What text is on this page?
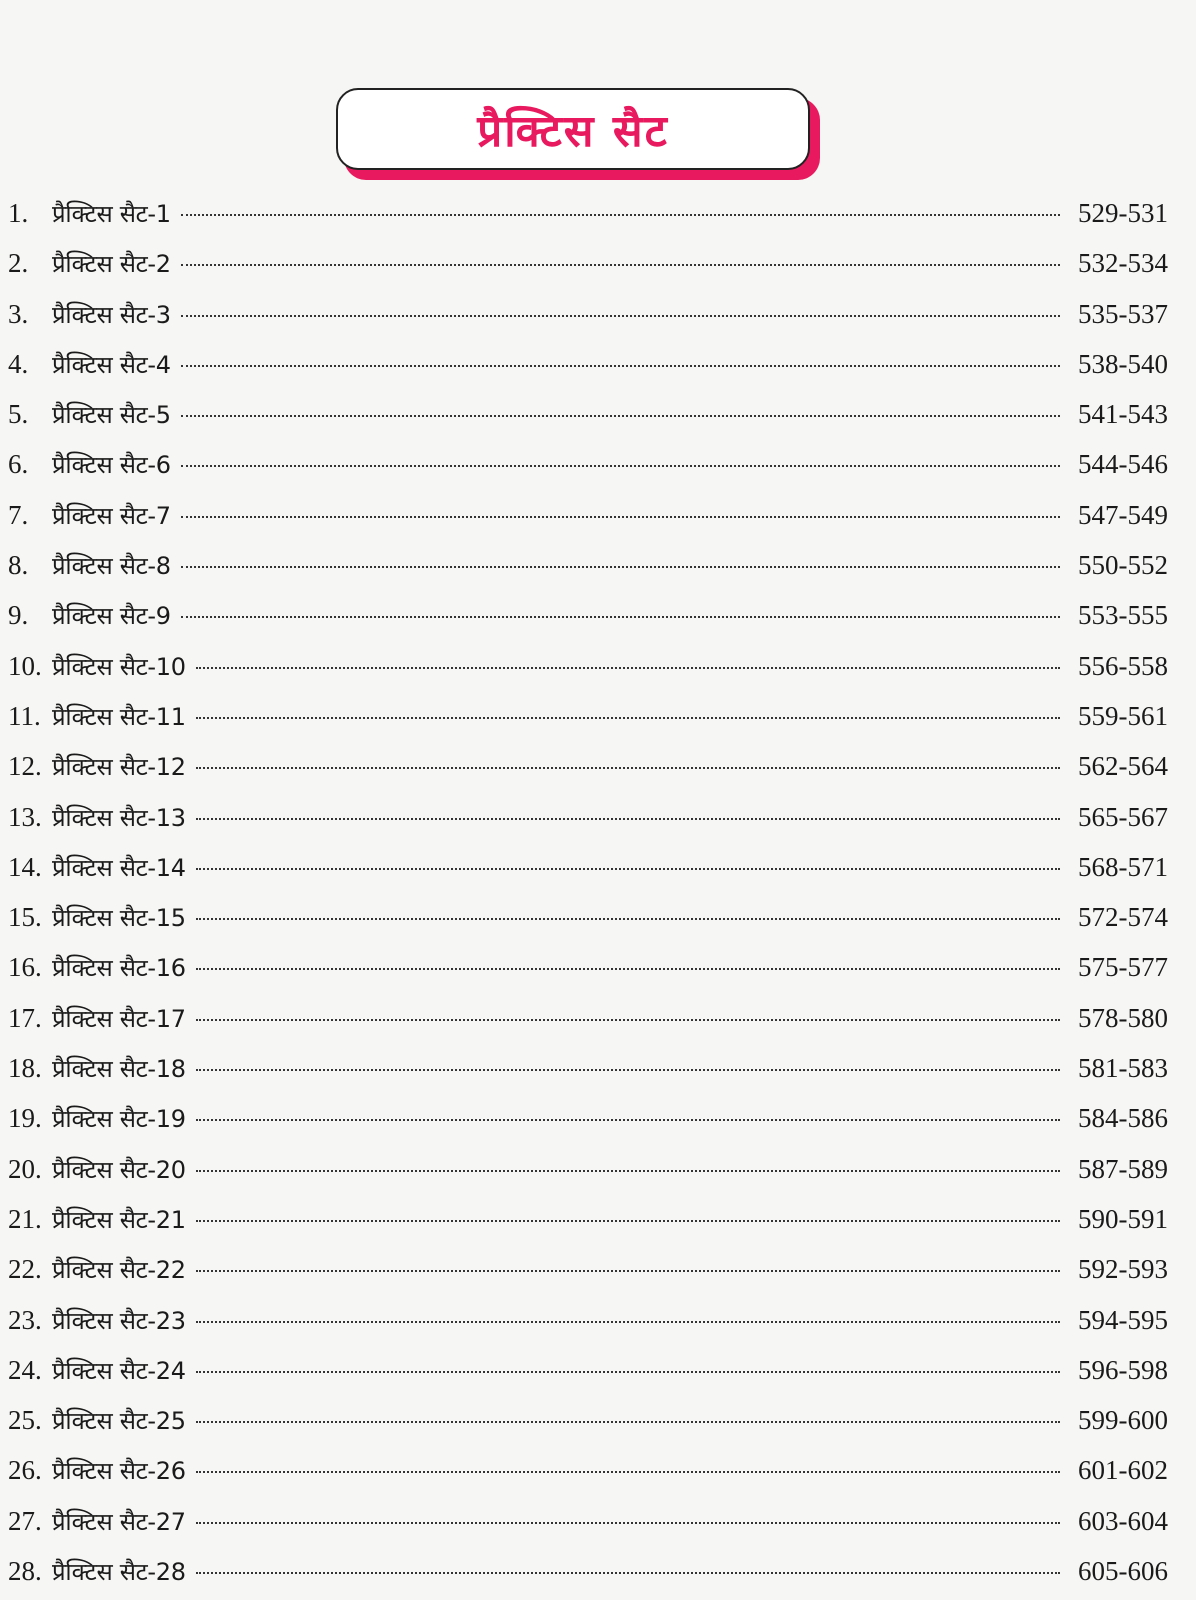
प्रैक्टिस सैट
1. प्रैक्टिस सैट-1	529-531
2. प्रैक्टिस सैट-2	532-534
3. प्रैक्टिस सैट-3	535-537
4. प्रैक्टिस सैट-4	538-540
5. प्रैक्टिस सैट-5	541-543
6. प्रैक्टिस सैट-6	544-546
7. प्रैक्टिस सैट-7	547-549
8. प्रैक्टिस सैट-8	550-552
9. प्रैक्टिस सैट-9	553-555
10. प्रैक्टिस सैट-10	556-558
11. प्रैक्टिस सैट-11	559-561
12. प्रैक्टिस सैट-12	562-564
13. प्रैक्टिस सैट-13	565-567
14. प्रैक्टिस सैट-14	568-571
15. प्रैक्टिस सैट-15	572-574
16. प्रैक्टिस सैट-16	575-577
17. प्रैक्टिस सैट-17	578-580
18. प्रैक्टिस सैट-18	581-583
19. प्रैक्टिस सैट-19	584-586
20. प्रैक्टिस सैट-20	587-589
21. प्रैक्टिस सैट-21	590-591
22. प्रैक्टिस सैट-22	592-593
23. प्रैक्टिस सैट-23	594-595
24. प्रैक्टिस सैट-24	596-598
25. प्रैक्टिस सैट-25	599-600
26. प्रैक्टिस सैट-26	601-602
27. प्रैक्टिस सैट-27	603-604
28. प्रैक्टिस सैट-28	605-606
